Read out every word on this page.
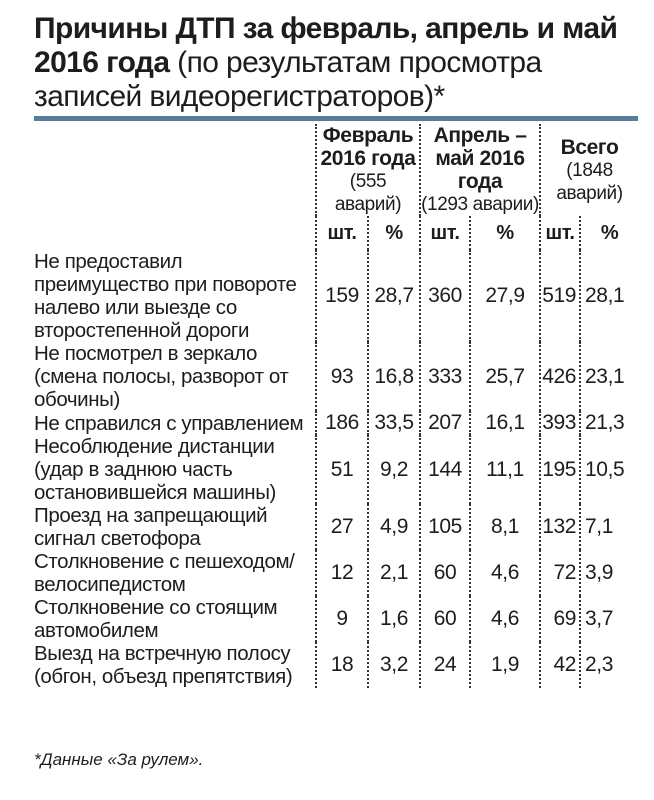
Причины ДТП за февраль, апрель и май 2016 года (по результатам просмотра записей видеорегистраторов)*

	Февраль 2016 года
(555 аварий)		Апрель – май 2016 года
(1293 аварии)		Всего
(1848 аварий)	

	шт.	%	шт.	%	шт.	%
Не предоставил преимущество при повороте налево или выезде со второстепенной дороги	159	28,7	360	27,9	519	28,1
Не посмотрел в зеркало (смена полосы, разворот от обочины)	93	16,8	333	25,7	426	23,1
Не справился с управлением	186	33,5	207	16,1	393	21,3
Несоблюдение дистанции (удар в заднюю часть остановившейся машины)	51	9,2	144	11,1	195	10,5
Проезд на запрещающий сигнал светофора	27	4,9	105	8,1	132	7,1
Столкновение с пешеходом/ велосипедистом	12	2,1	60	4,6	72	3,9
Столкновение со стоящим автомобилем	9	1,6	60	4,6	69	3,7
Выезд на встречную полосу (обгон, объезд препятствия)	18	3,2	24	1,9	42	2,3
*Данные «За рулем».
